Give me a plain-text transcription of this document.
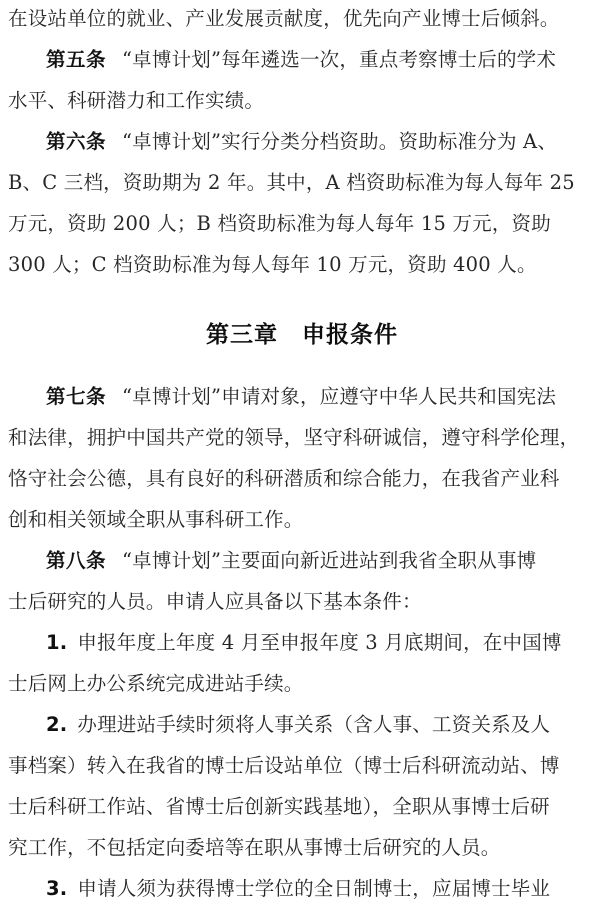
在设站单位的就业、产业发展贡献度，优先向产业博士后倾斜。
第五条 “卓博计划”每年遴选一次，重点考察博士后的学术
水平、科研潜力和工作实绩。
第六条 “卓博计划”实行分类分档资助。资助标准分为 A、
B、C 三档，资助期为 2 年。其中，A 档资助标准为每人每年 25
万元，资助 200 人；B 档资助标准为每人每年 15 万元，资助
300 人；C 档资助标准为每人每年 10 万元，资助 400 人。
第三章　申报条件
第七条 “卓博计划”申请对象，应遵守中华人民共和国宪法
和法律，拥护中国共产党的领导，坚守科研诚信，遵守科学伦理，
恪守社会公德，具有良好的科研潜质和综合能力，在我省产业科
创和相关领域全职从事科研工作。
第八条 “卓博计划”主要面向新近进站到我省全职从事博
士后研究的人员。申请人应具备以下基本条件：
1. 申报年度上年度 4 月至申报年度 3 月底期间，在中国博
士后网上办公系统完成进站手续。
2. 办理进站手续时须将人事关系（含人事、工资关系及人
事档案）转入在我省的博士后设站单位（博士后科研流动站、博
士后科研工作站、省博士后创新实践基地），全职从事博士后研
究工作，不包括定向委培等在职从事博士后研究的人员。
3. 申请人须为获得博士学位的全日制博士，应届博士毕业
